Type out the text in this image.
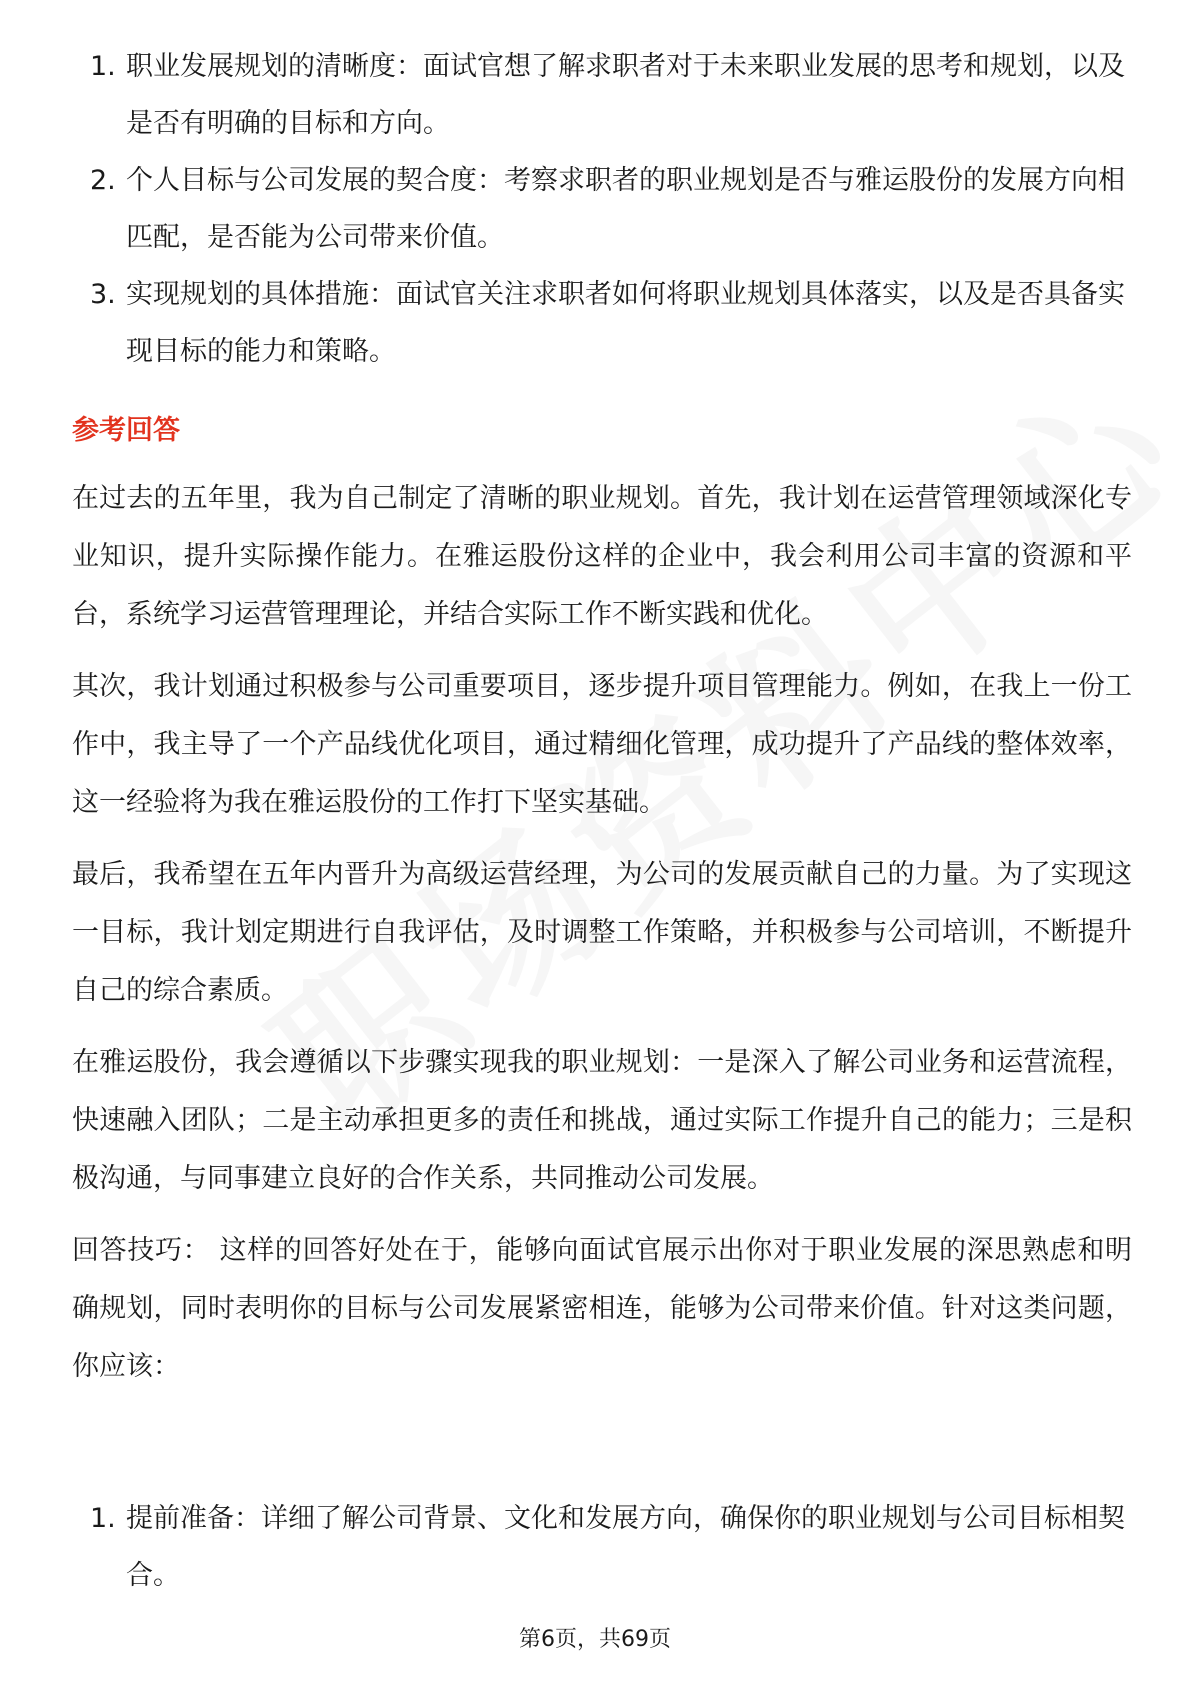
1. 职业发展规划的清晰度：面试官想了解求职者对于未来职业发展的思考和规划，以及是否有明确的目标和方向。
2. 个人目标与公司发展的契合度：考察求职者的职业规划是否与雅运股份的发展方向相匹配，是否能为公司带来价值。
3. 实现规划的具体措施：面试官关注求职者如何将职业规划具体落实，以及是否具备实现目标的能力和策略。
参考回答

在过去的五年里，我为自己制定了清晰的职业规划。首先，我计划在运营管理领域深化专业知识，提升实际操作能力。在雅运股份这样的企业中，我会利用公司丰富的资源和平台，系统学习运营管理理论，并结合实际工作不断实践和优化。

其次，我计划通过积极参与公司重要项目，逐步提升项目管理能力。例如，在我上一份工作中，我主导了一个产品线优化项目，通过精细化管理，成功提升了产品线的整体效率，这一经验将为我在雅运股份的工作打下坚实基础。

最后，我希望在五年内晋升为高级运营经理，为公司的发展贡献自己的力量。为了实现这一目标，我计划定期进行自我评估，及时调整工作策略，并积极参与公司培训，不断提升自己的综合素质。

在雅运股份，我会遵循以下步骤实现我的职业规划：一是深入了解公司业务和运营流程，快速融入团队；二是主动承担更多的责任和挑战，通过实际工作提升自己的能力；三是积极沟通，与同事建立良好的合作关系，共同推动公司发展。

回答技巧： 这样的回答好处在于，能够向面试官展示出你对于职业发展的深思熟虑和明确规划，同时表明你的目标与公司发展紧密相连，能够为公司带来价值。针对这类问题，你应该：

1. 提前准备：详细了解公司背景、文化和发展方向，确保你的职业规划与公司目标相契合。
第6页，共69页
